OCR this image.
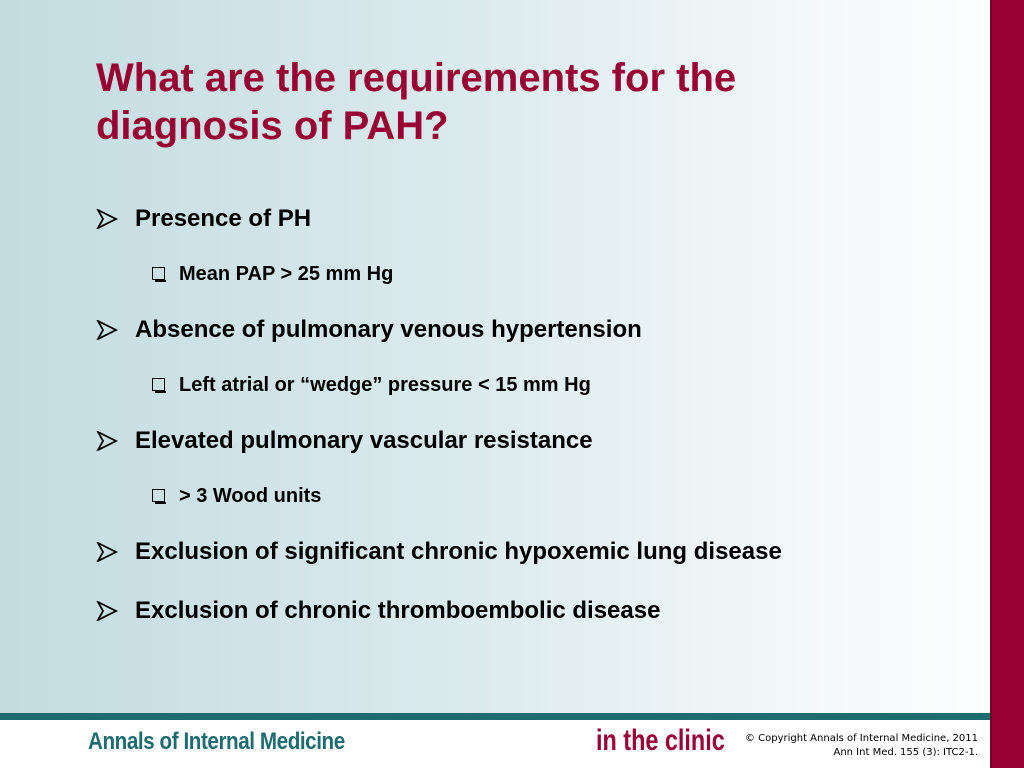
What are the requirements for the
diagnosis of PAH?
Presence of PH
Mean PAP > 25 mm Hg
Absence of pulmonary venous hypertension
Left atrial or “wedge” pressure < 15 mm Hg
Elevated pulmonary vascular resistance
> 3 Wood units
Exclusion of significant chronic hypoxemic lung disease
Exclusion of chronic thromboembolic disease
Annals of Internal Medicine	in the clinic © Copyright Annals of Internal Medicine, 2011
Ann Int Med. 155 (3): ITC2-1.
